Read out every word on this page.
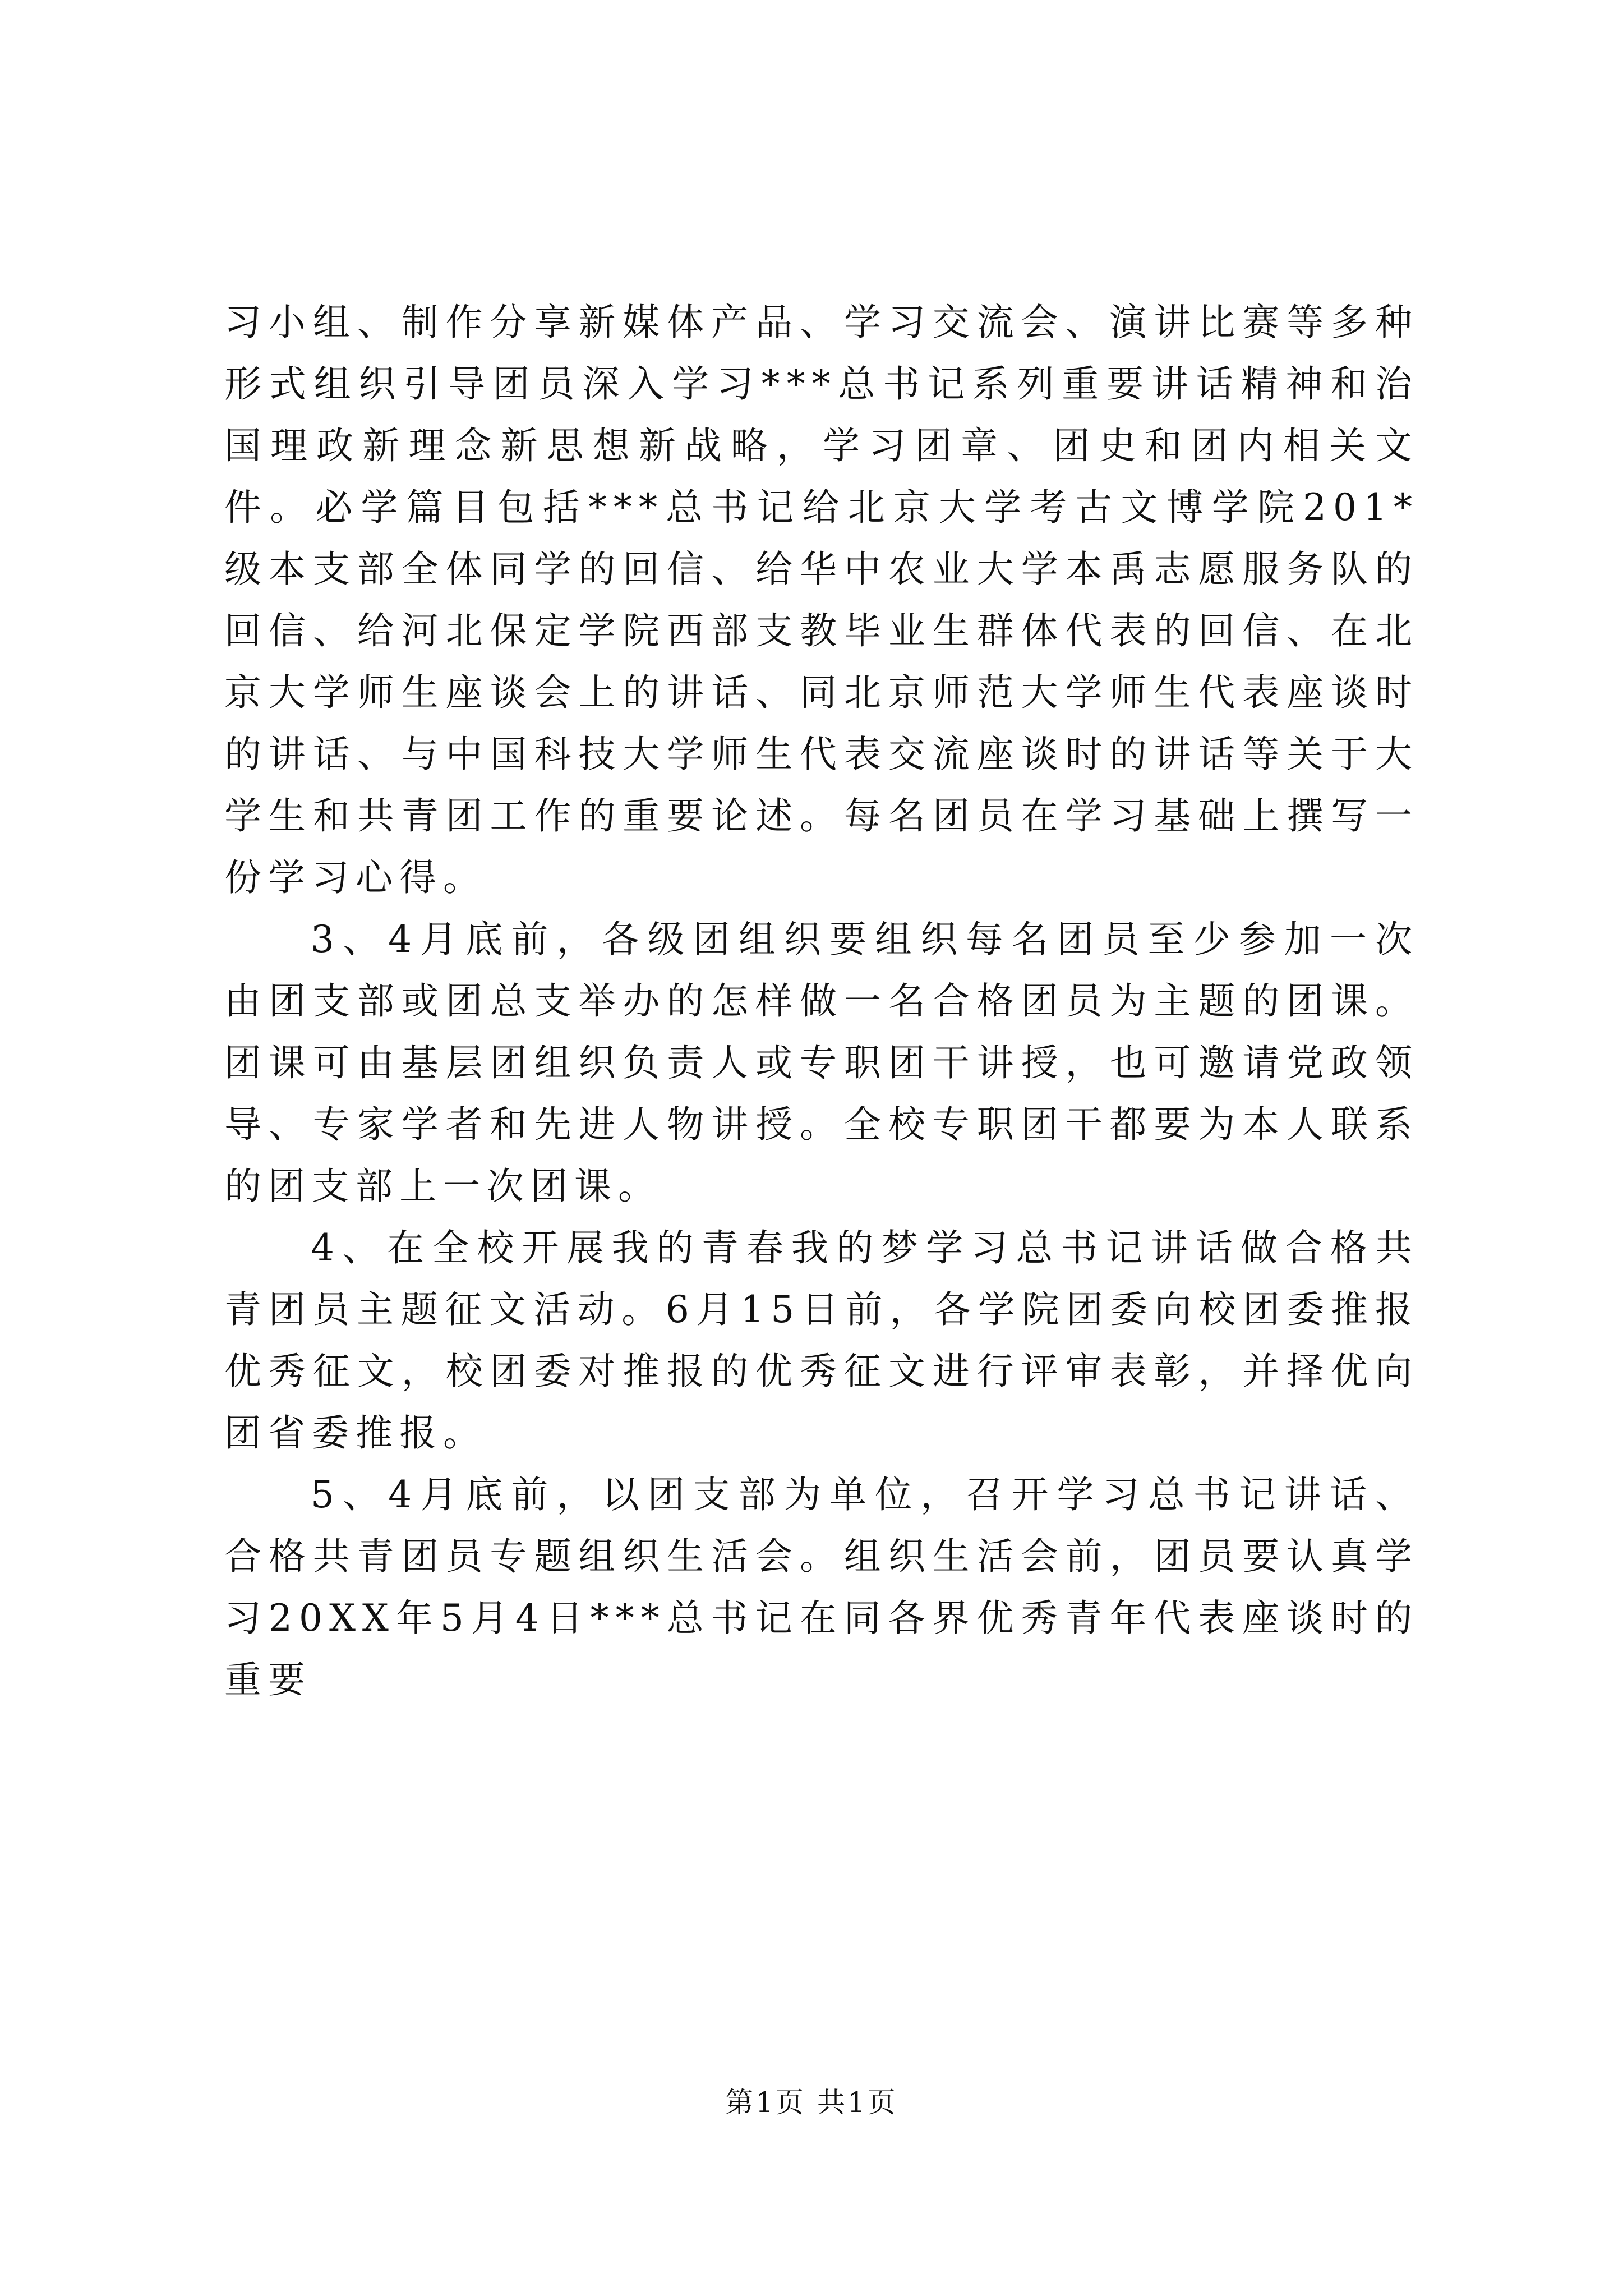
习小组、制作分享新媒体产品、学习交流会、演讲比赛等多种形式组织引导团员深入学习***总书记系列重要讲话精神和治国理政新理念新思想新战略，学习团章、团史和团内相关文件。必学篇目包括***总书记给北京大学考古文博学院201*级本支部全体同学的回信、给华中农业大学本禹志愿服务队的回信、给河北保定学院西部支教毕业生群体代表的回信、在北京大学师生座谈会上的讲话、同北京师范大学师生代表座谈时的讲话、与中国科技大学师生代表交流座谈时的讲话等关于大学生和共青团工作的重要论述。每名团员在学习基础上撰写一份学习心得。

3、4月底前，各级团组织要组织每名团员至少参加一次由团支部或团总支举办的怎样做一名合格团员为主题的团课。团课可由基层团组织负责人或专职团干讲授，也可邀请党政领导、专家学者和先进人物讲授。全校专职团干都要为本人联系的团支部上一次团课。

4、在全校开展我的青春我的梦学习总书记讲话做合格共青团员主题征文活动。6月15日前，各学院团委向校团委推报优秀征文，校团委对推报的优秀征文进行评审表彰，并择优向团省委推报。

5、4月底前，以团支部为单位，召开学习总书记讲话、合格共青团员专题组织生活会。组织生活会前，团员要认真学习20XX年5月4日***总书记在同各界优秀青年代表座谈时的重要

第1页 共1页
